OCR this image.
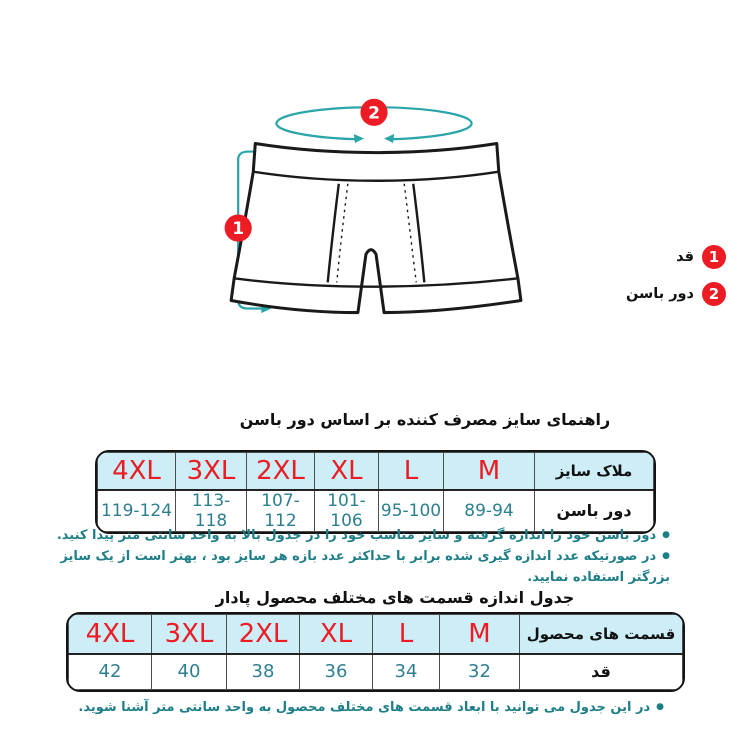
2
1
1
قد
2
دور باسن
راهنمای سایز مصرف کننده بر اساس دور باسن
4XL	3XL	2XL	XL	L	M	ملاک سایز
119-124	113-118	107-112	101-106	95-100	89-94	دور باسن
● دور باسن خود را اندازه گرفته و سایز مناسب خود را در جدول بالا به واحد سانتی متر پیدا کنید.
● در صورتیکه عدد اندازه گیری شده برابر با حداکثر عدد بازه هر سایز بود ، بهتر است از یک سایز بزرگتر استفاده نمایید.
جدول اندازه قسمت های مختلف محصول پادار
4XL	3XL	2XL	XL	L	M	قسمت های محصول
42	40	38	36	34	32	قد
● در این جدول می توانید با ابعاد قسمت های مختلف محصول به واحد سانتی متر آشنا شوید.
